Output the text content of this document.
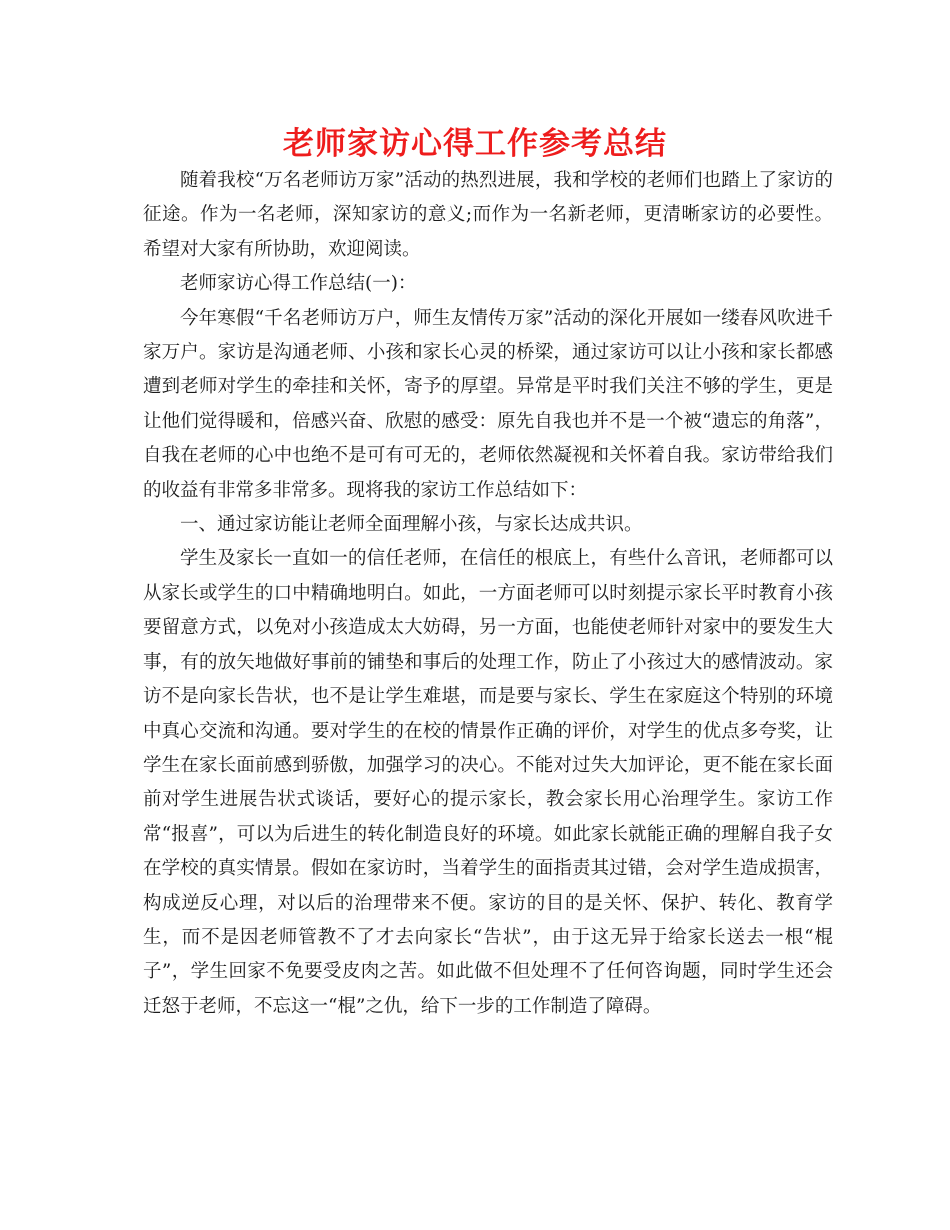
老师家访心得工作参考总结

随着我校“万名老师访万家”活动的热烈进展，我和学校的老师们也踏上了家访的征途。作为一名老师，深知家访的意义;而作为一名新老师，更清晰家访的必要性。希望对大家有所协助，欢迎阅读。

老师家访心得工作总结(一)：

今年寒假“千名老师访万户，师生友情传万家”活动的深化开展如一缕春风吹进千家万户。家访是沟通老师、小孩和家长心灵的桥梁，通过家访可以让小孩和家长都感遭到老师对学生的牵挂和关怀，寄予的厚望。异常是平时我们关注不够的学生，更是让他们觉得暖和，倍感兴奋、欣慰的感受：原先自我也并不是一个被“遗忘的角落”，自我在老师的心中也绝不是可有可无的，老师依然凝视和关怀着自我。家访带给我们的收益有非常多非常多。现将我的家访工作总结如下：

一、通过家访能让老师全面理解小孩，与家长达成共识。

学生及家长一直如一的信任老师，在信任的根底上，有些什么音讯，老师都可以从家长或学生的口中精确地明白。如此，一方面老师可以时刻提示家长平时教育小孩要留意方式，以免对小孩造成太大妨碍，另一方面，也能使老师针对家中的要发生大事，有的放矢地做好事前的铺垫和事后的处理工作，防止了小孩过大的感情波动。家访不是向家长告状，也不是让学生难堪，而是要与家长、学生在家庭这个特别的环境中真心交流和沟通。要对学生的在校的情景作正确的评价，对学生的优点多夸奖，让学生在家长面前感到骄傲，加强学习的决心。不能对过失大加评论，更不能在家长面前对学生进展告状式谈话，要好心的提示家长，教会家长用心治理学生。家访工作常“报喜”，可以为后进生的转化制造良好的环境。如此家长就能正确的理解自我子女在学校的真实情景。假如在家访时，当着学生的面指责其过错，会对学生造成损害，构成逆反心理，对以后的治理带来不便。家访的目的是关怀、保护、转化、教育学生，而不是因老师管教不了才去向家长“告状”，由于这无异于给家长送去一根“棍子”，学生回家不免要受皮肉之苦。如此做不但处理不了任何咨询题，同时学生还会迁怒于老师，不忘这一“棍”之仇，给下一步的工作制造了障碍。
